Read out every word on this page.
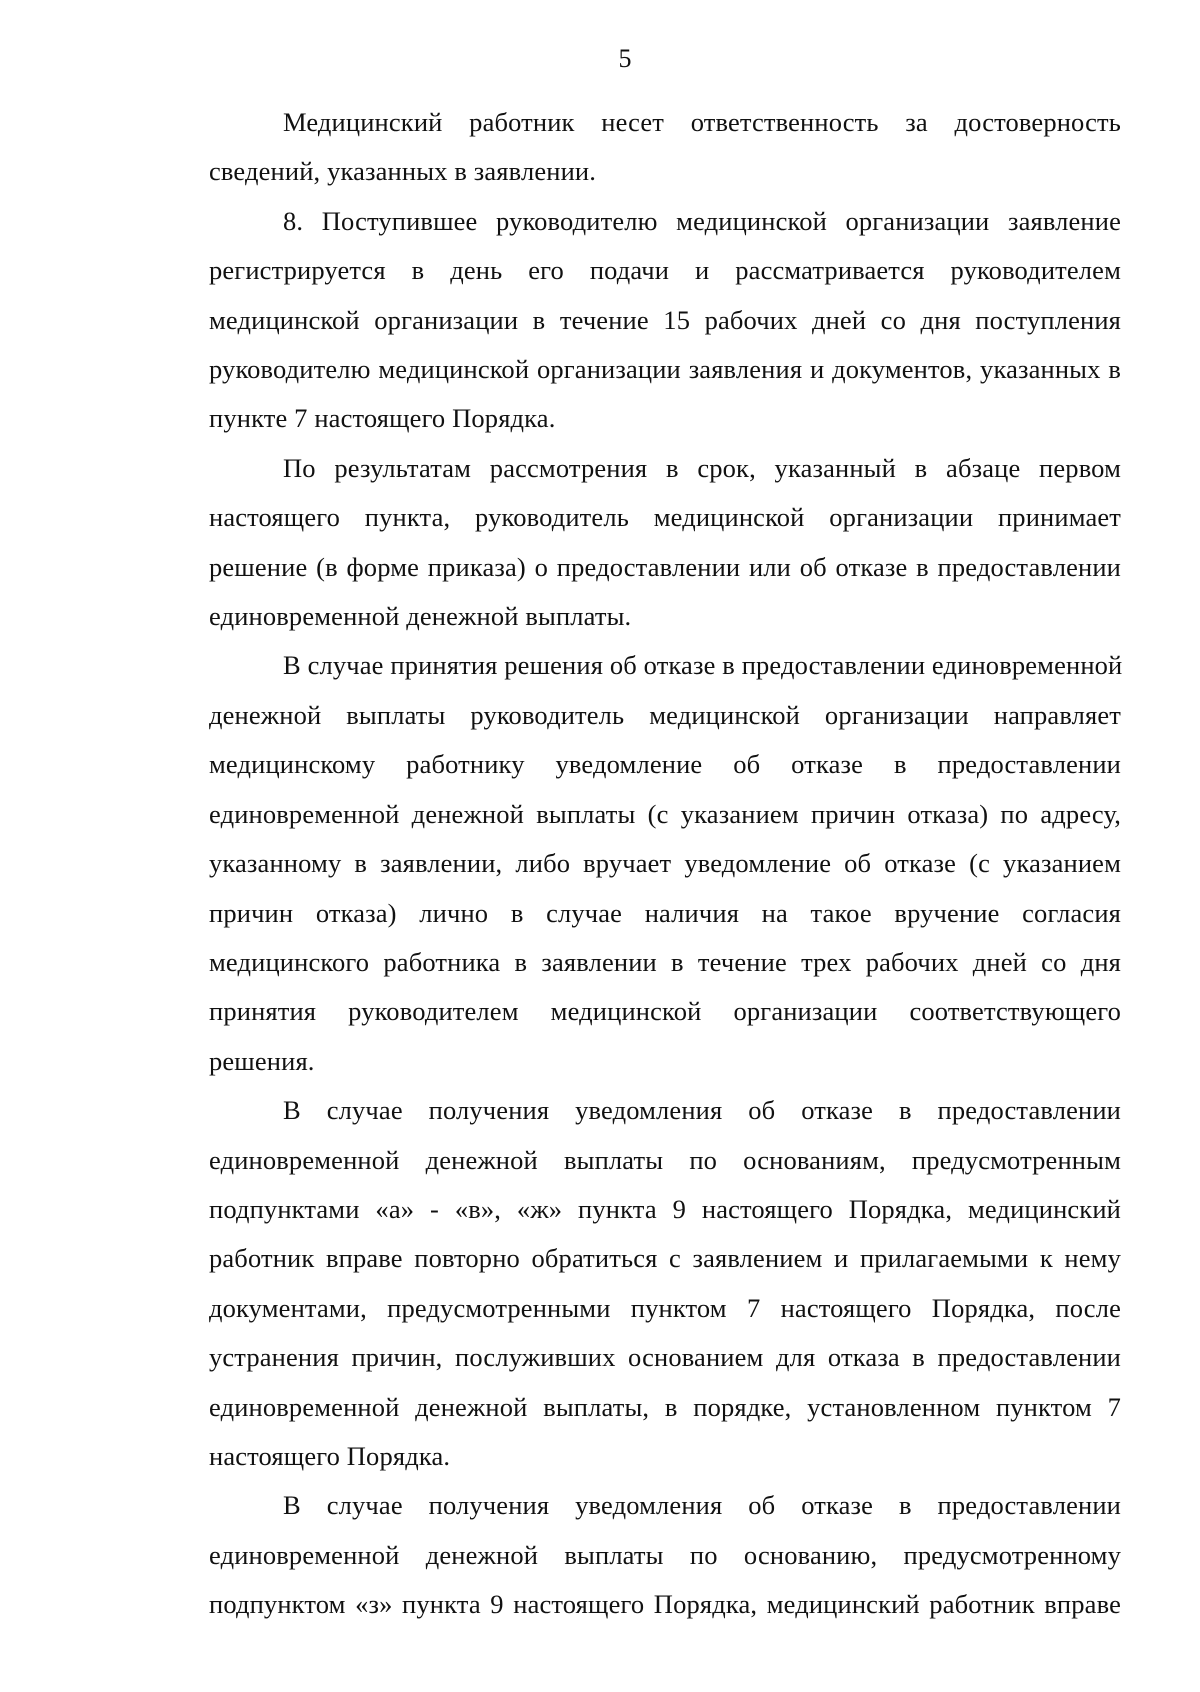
5
Медицинский работник несет ответственность за достоверность
сведений, указанных в заявлении.
8. Поступившее руководителю медицинской организации заявление
регистрируется в день его подачи и рассматривается руководителем
медицинской организации в течение 15 рабочих дней со дня поступления
руководителю медицинской организации заявления и документов, указанных в
пункте 7 настоящего Порядка.
По результатам рассмотрения в срок, указанный в абзаце первом
настоящего пункта, руководитель медицинской организации принимает
решение (в форме приказа) о предоставлении или об отказе в предоставлении
единовременной денежной выплаты.
В случае принятия решения об отказе в предоставлении единовременной
денежной выплаты руководитель медицинской организации направляет
медицинскому работнику уведомление об отказе в предоставлении
единовременной денежной выплаты (с указанием причин отказа) по адресу,
указанному в заявлении, либо вручает уведомление об отказе (с указанием
причин отказа) лично в случае наличия на такое вручение согласия
медицинского работника в заявлении в течение трех рабочих дней со дня
принятия руководителем медицинской организации соответствующего
решения.
В случае получения уведомления об отказе в предоставлении
единовременной денежной выплаты по основаниям, предусмотренным
подпунктами «а» - «в», «ж» пункта 9 настоящего Порядка, медицинский
работник вправе повторно обратиться с заявлением и прилагаемыми к нему
документами, предусмотренными пунктом 7 настоящего Порядка, после
устранения причин, послуживших основанием для отказа в предоставлении
единовременной денежной выплаты, в порядке, установленном пунктом 7
настоящего Порядка.
В случае получения уведомления об отказе в предоставлении
единовременной денежной выплаты по основанию, предусмотренному
подпунктом «з» пункта 9 настоящего Порядка, медицинский работник вправе
